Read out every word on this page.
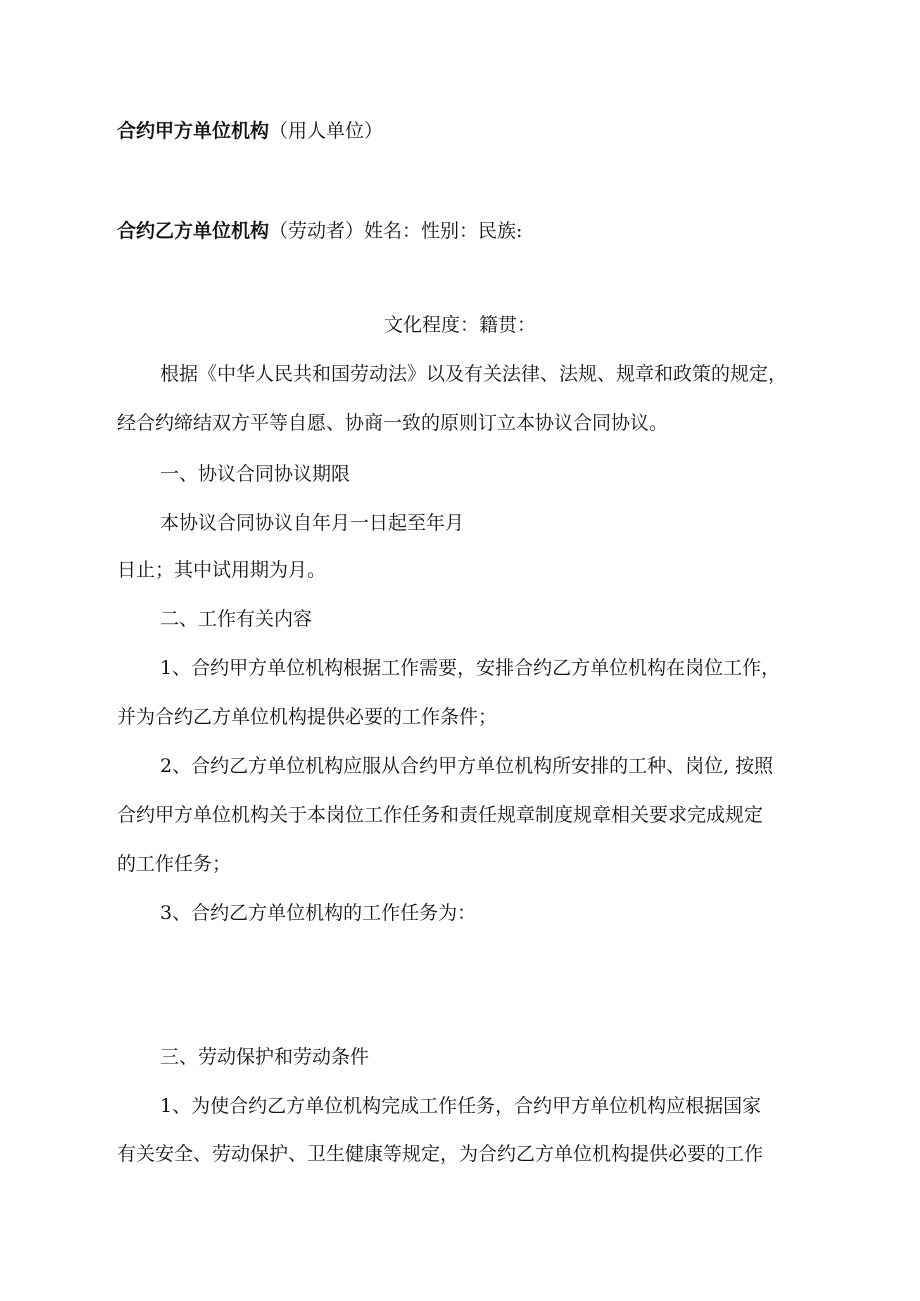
合约甲方单位机构（用人单位）
合约乙方单位机构（劳动者）姓名：性别：民族:
文化程度：籍贯：
根据《中华人民共和国劳动法》以及有关法律、法规、规章和政策的规定，
经合约缔结双方平等自愿、协商一致的原则订立本协议合同协议。
一、协议合同协议期限
本协议合同协议自年月一日起至年月
日止；其中试用期为月。
二、工作有关内容
1、合约甲方单位机构根据工作需要，安排合约乙方单位机构在岗位工作，
并为合约乙方单位机构提供必要的工作条件；
2、合约乙方单位机构应服从合约甲方单位机构所安排的工种、岗位, 按照
合约甲方单位机构关于本岗位工作任务和责任规章制度规章相关要求完成规定
的工作任务；
3、合约乙方单位机构的工作任务为：
三、劳动保护和劳动条件
1、为使合约乙方单位机构完成工作任务，合约甲方单位机构应根据国家
有关安全、劳动保护、卫生健康等规定，为合约乙方单位机构提供必要的工作
